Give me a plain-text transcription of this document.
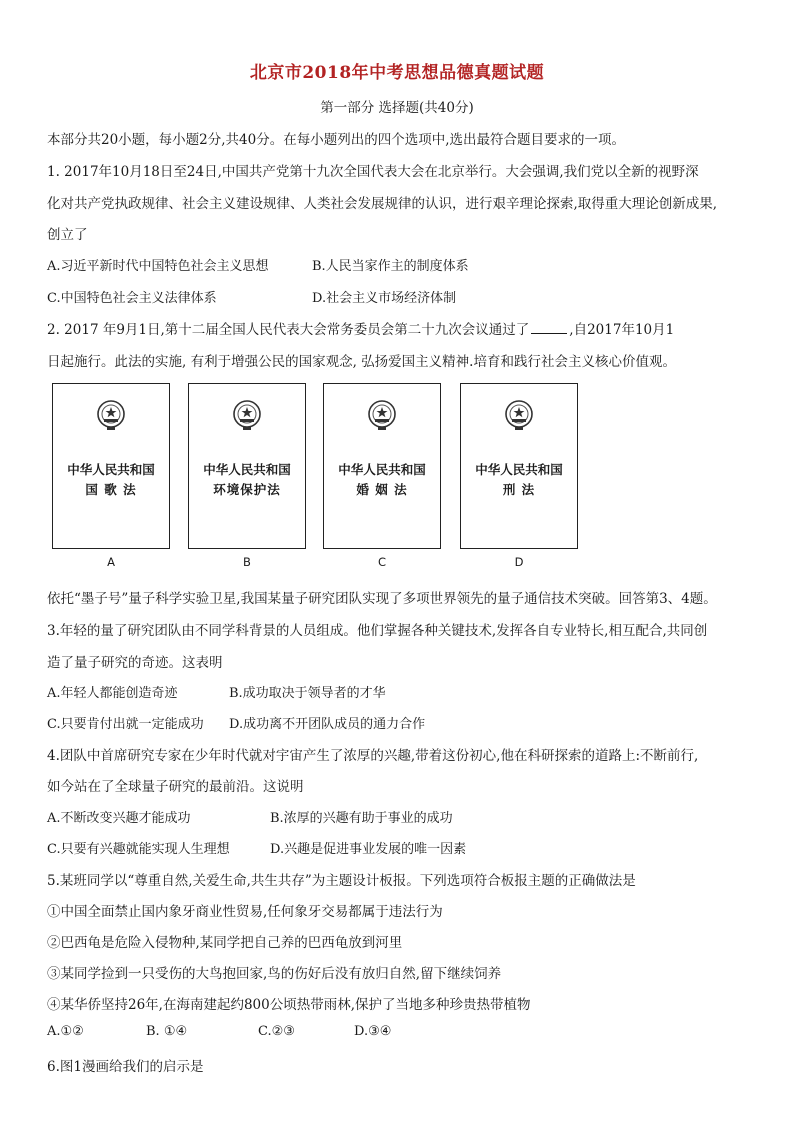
北京市2018年中考思想品德真题试题
第一部分 选择题(共40分)
本部分共20小题，每小题2分,共40分。在每小题列出的四个选项中,选出最符合题目要求的一项。
1. 2017年10月18日至24日,中国共产党第十九次全国代表大会在北京举行。大会强调,我们党以全新的视野深
化对共产党执政规律、社会主义建设规律、人类社会发展规律的认识，进行艰辛理论探索,取得重大理论创新成果,
创立了
A.习近平新时代中国特色社会主义思想	B.人民当家作主的制度体系
C.中国特色社会主义法律体系	D.社会主义市场经济体制
2. 2017 年9月1日,第十二届全国人民代表大会常务委员会第二十九次会议通过了	,自2017年10月1
日起施行。此法的实施, 有利于增强公民的国家观念, 弘扬爱国主义精神.培育和践行社会主义核心价值观。
中华人民共和国
国 歌 法
A
中华人民共和国
环境保护法
B
中华人民共和国
婚 姻 法
C
中华人民共和国
刑 法
D
依托“墨子号”量子科学实验卫星,我国某量子研究团队实现了多项世界领先的量子通信技术突破。回答第3、4题。
3.年轻的量了研究团队由不同学科背景的人员组成。他们掌握各种关键技术,发挥各自专业特长,相互配合,共同创
造了量子研究的奇迹。这表明
A.年轻人都能创造奇迹	B.成功取决于领导者的才华
C.只要肯付出就一定能成功 D.成功离不开团队成员的通力合作
4.团队中首席研究专家在少年时代就对宇宙产生了浓厚的兴趣,带着这份初心,他在科研探索的道路上:不断前行,
如今站在了全球量子研究的最前沿。这说明
A.不断改变兴趣才能成功	B.浓厚的兴趣有助于事业的成功
C.只要有兴趣就能实现人生理想	D.兴趣是促进事业发展的唯一因素
5.某班同学以“尊重自然,关爱生命,共生共存”为主题设计板报。下列选项符合板报主题的正确做法是
①中国全面禁止国内象牙商业性贸易,任何象牙交易都属于违法行为
②巴西龟是危险入侵物种,某同学把自己养的巴西龟放到河里
③某同学捡到一只受伤的大鸟抱回家,鸟的伤好后没有放归自然,留下继续饲养
④某华侨坚持26年,在海南建起约800公顷热带雨林,保护了当地多种珍贵热带植物
A.①②	B. ①④	C.②③	D.③④
6.图1漫画给我们的启示是
